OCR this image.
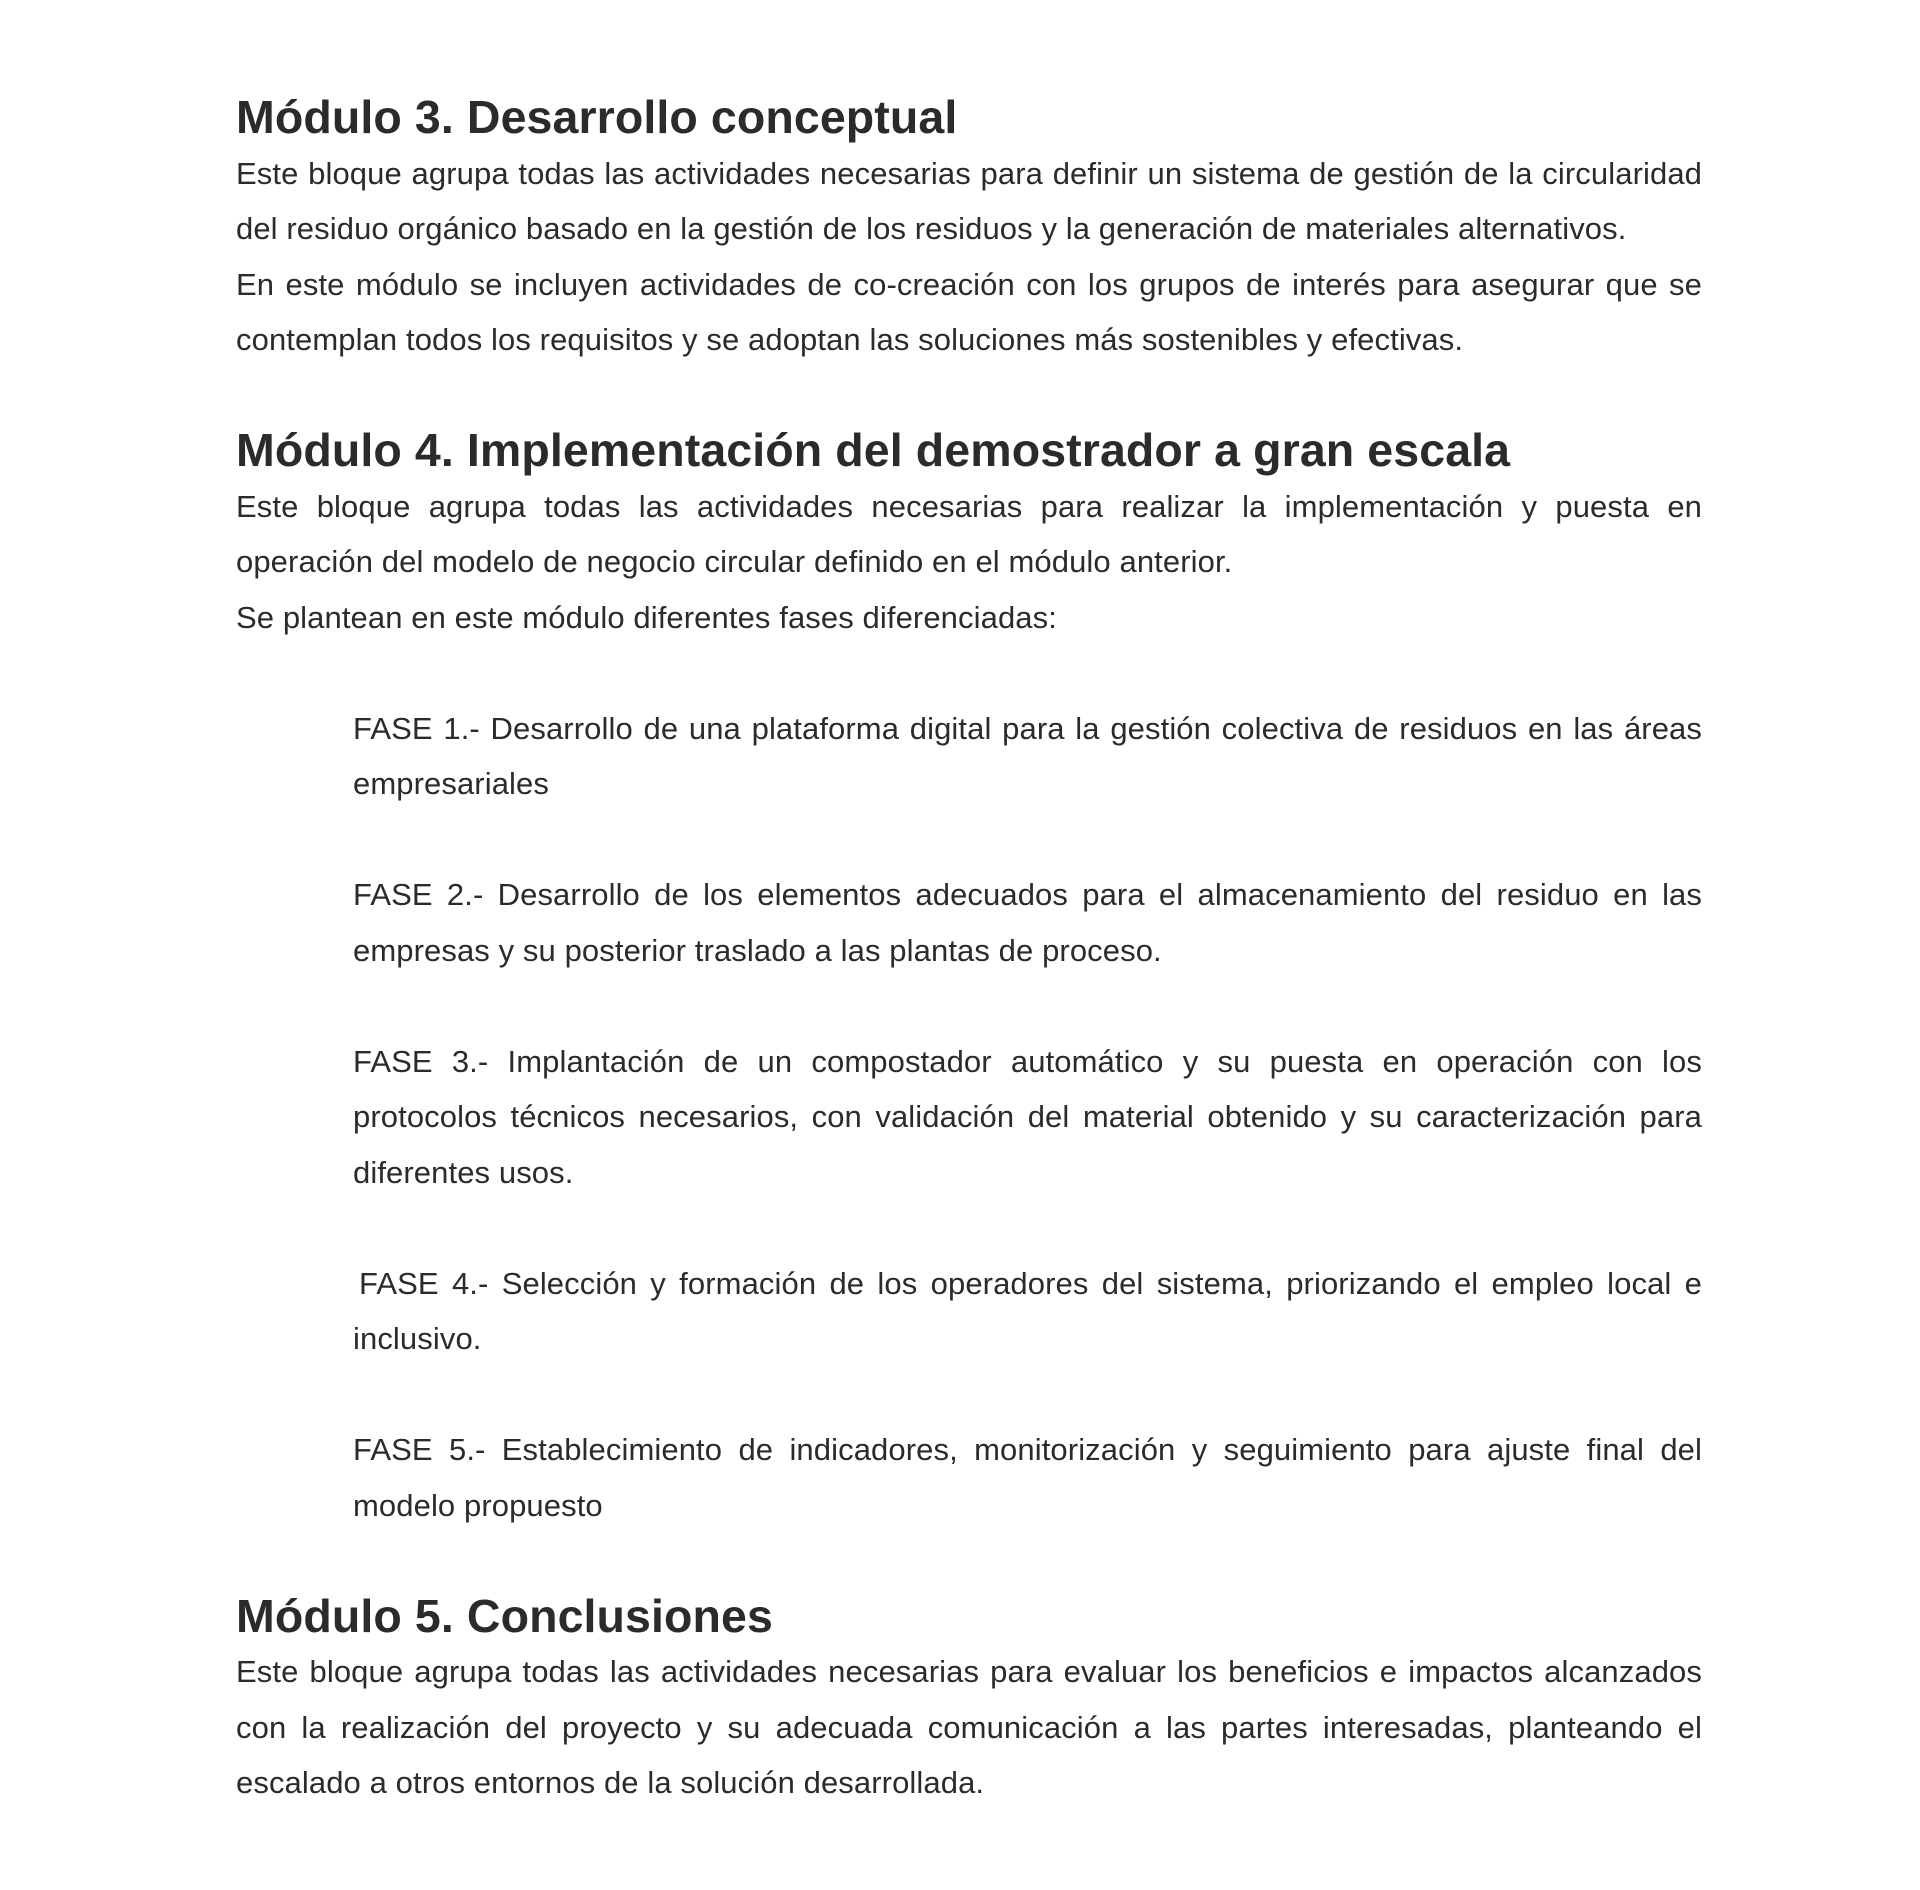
Módulo 3. Desarrollo conceptual

Este bloque agrupa todas las actividades necesarias para definir un sistema de gestión de la circularidad del residuo orgánico basado en la gestión de los residuos y la generación de materiales alternativos.

En este módulo se incluyen actividades de co-creación con los grupos de interés para asegurar que se contemplan todos los requisitos y se adoptan las soluciones más sostenibles y efectivas.

Módulo 4. Implementación del demostrador a gran escala

Este bloque agrupa todas las actividades necesarias para realizar la implementación y puesta en operación del modelo de negocio circular definido en el módulo anterior.

Se plantean en este módulo diferentes fases diferenciadas:

FASE 1.- Desarrollo de una plataforma digital para la gestión colectiva de residuos en las áreas empresariales

FASE 2.- Desarrollo de los elementos adecuados para el almacenamiento del residuo en las empresas y su posterior traslado a las plantas de proceso.

FASE 3.- Implantación de un compostador automático y su puesta en operación con los protocolos técnicos necesarios, con validación del material obtenido y su caracterización para diferentes usos.

FASE 4.- Selección y formación de los operadores del sistema, priorizando el empleo local e inclusivo.

FASE 5.- Establecimiento de indicadores, monitorización y seguimiento para ajuste final del modelo propuesto

Módulo 5. Conclusiones

Este bloque agrupa todas las actividades necesarias para evaluar los beneficios e impactos alcanzados con la realización del proyecto y su adecuada comunicación a las partes interesadas, planteando el escalado a otros entornos de la solución desarrollada.
